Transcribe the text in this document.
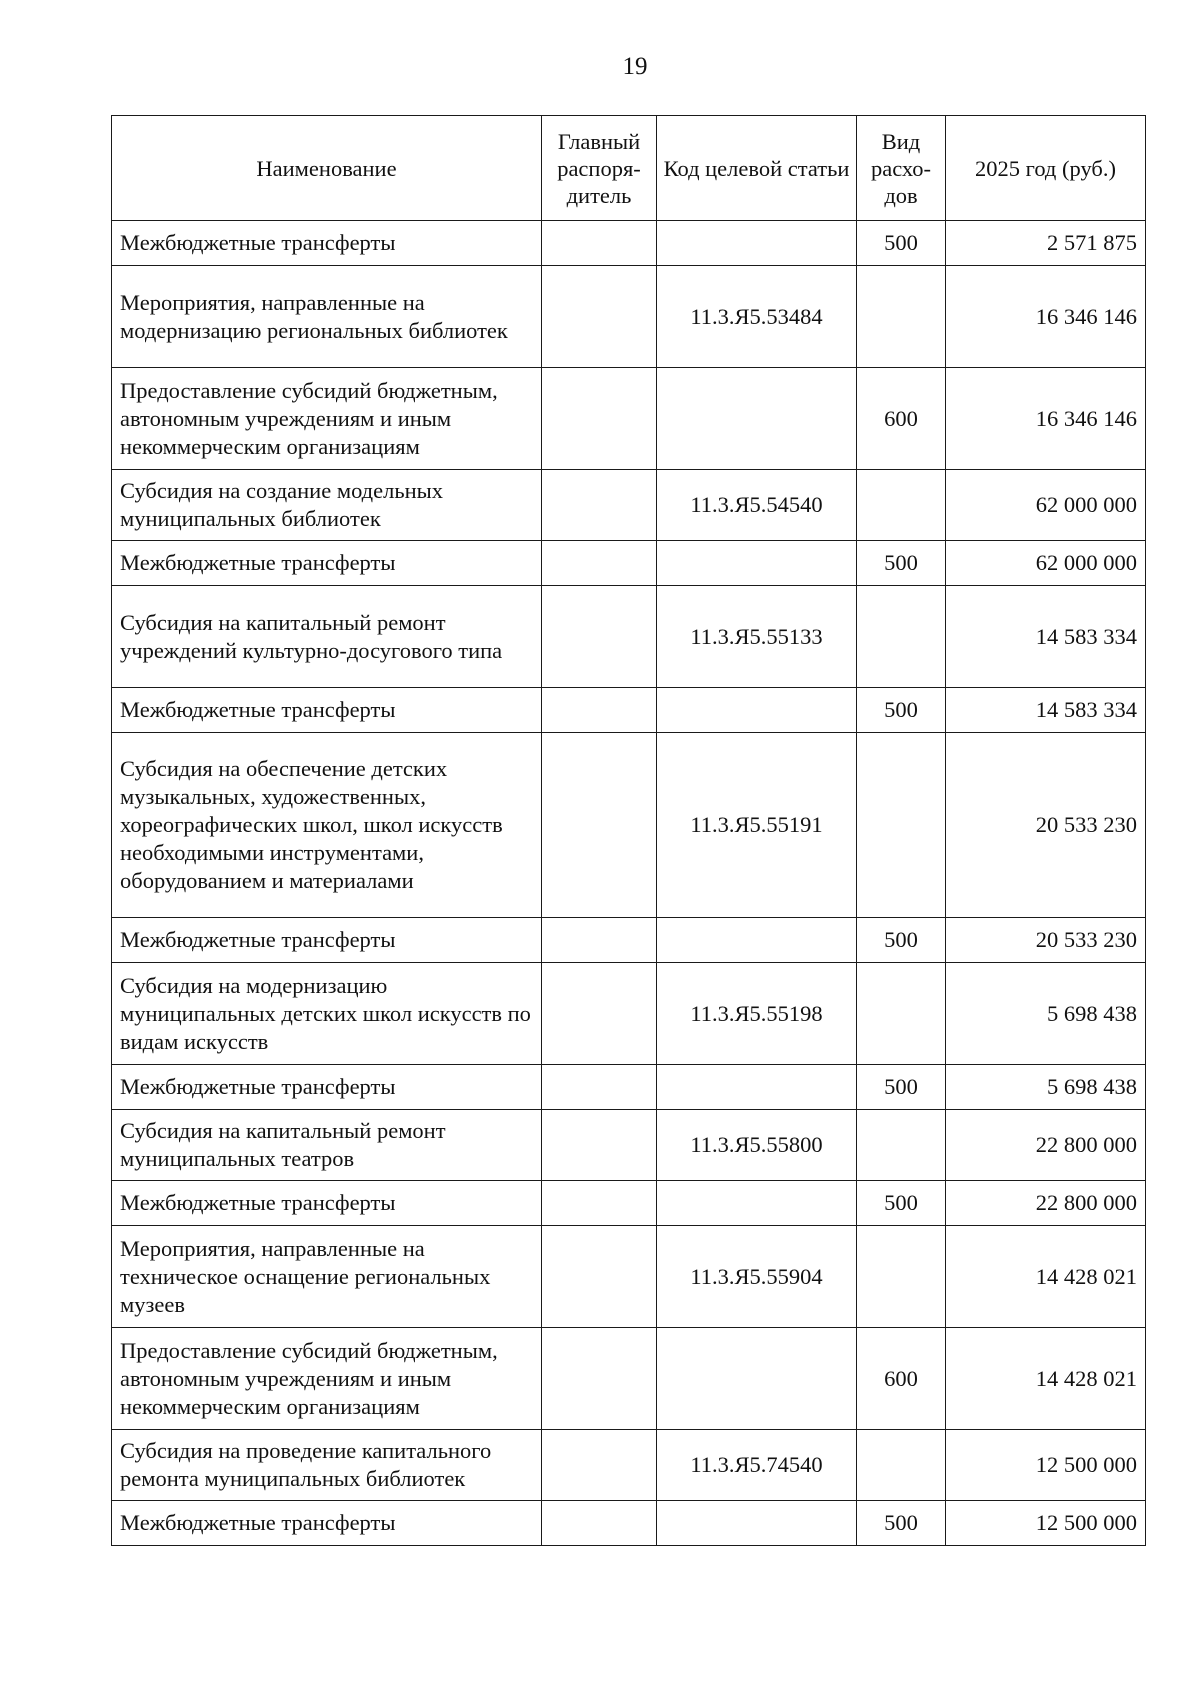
19
Наименование	Главный распоря-дитель	Код целевой статьи	Вид расхо-дов	2025 год (руб.)
Межбюджетные трансферты			500	2 571 875
Мероприятия, направленные на модернизацию региональных библиотек		11.3.Я5.53484		16 346 146
Предоставление субсидий бюджетным, автономным учреждениям и иным некоммерческим организациям			600	16 346 146
Субсидия на создание модельных муниципальных библиотек		11.3.Я5.54540		62 000 000
Межбюджетные трансферты			500	62 000 000
Субсидия на капитальный ремонт учреждений культурно-досугового типа		11.3.Я5.55133		14 583 334
Межбюджетные трансферты			500	14 583 334
Субсидия на обеспечение детских музыкальных, художественных, хореографических школ, школ искусств необходимыми инструментами, оборудованием и материалами		11.3.Я5.55191		20 533 230
Межбюджетные трансферты			500	20 533 230
Субсидия на модернизацию муниципальных детских школ искусств по видам искусств		11.3.Я5.55198		5 698 438
Межбюджетные трансферты			500	5 698 438
Субсидия на капитальный ремонт муниципальных театров		11.3.Я5.55800		22 800 000
Межбюджетные трансферты			500	22 800 000
Мероприятия, направленные на техническое оснащение региональных музеев		11.3.Я5.55904		14 428 021
Предоставление субсидий бюджетным, автономным учреждениям и иным некоммерческим организациям			600	14 428 021
Субсидия на проведение капитального ремонта муниципальных библиотек		11.3.Я5.74540		12 500 000
Межбюджетные трансферты			500	12 500 000
